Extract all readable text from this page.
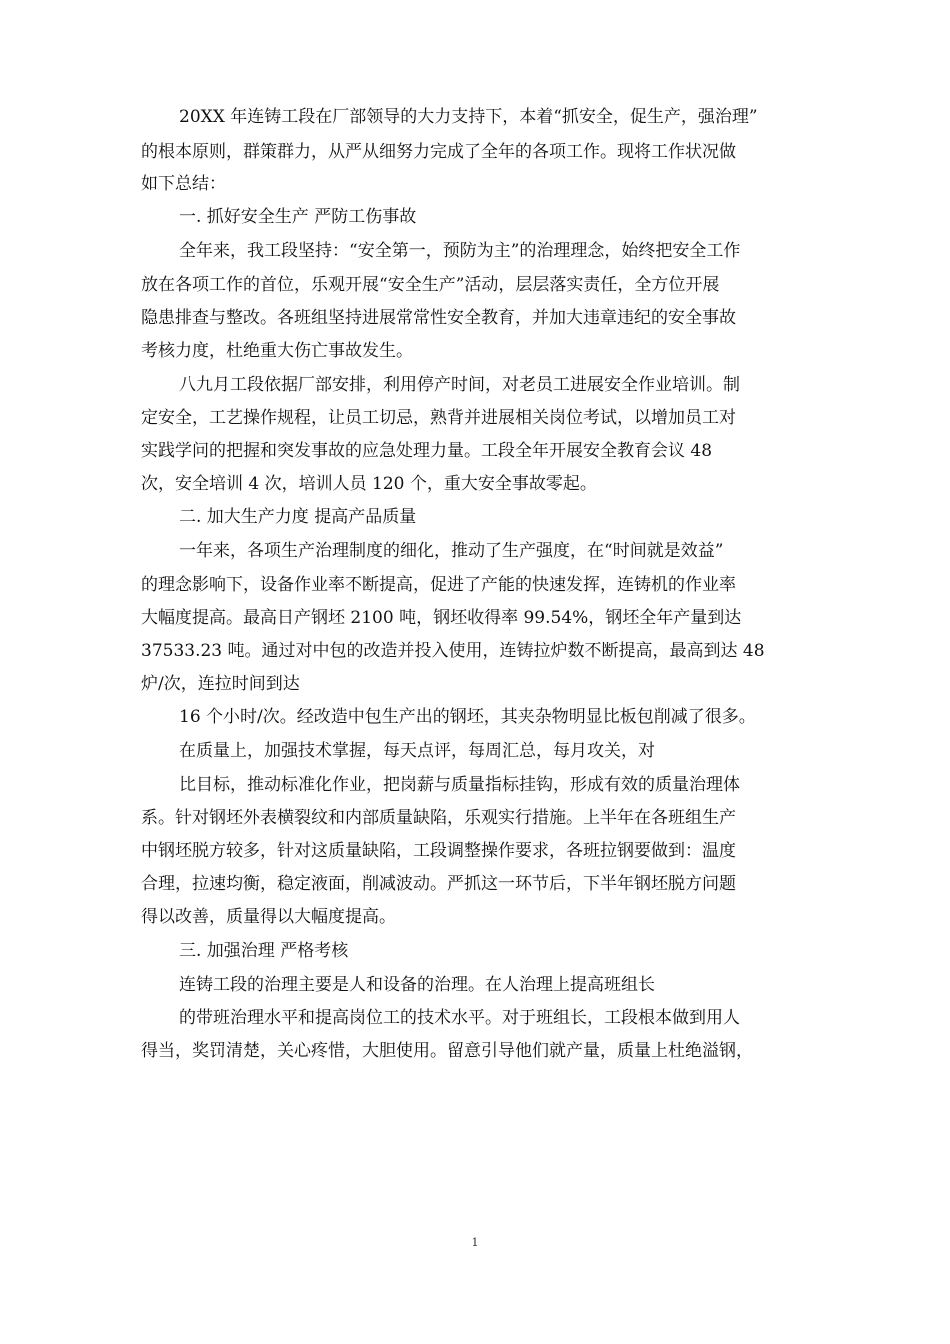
20XX 年连铸工段在厂部领导的大力支持下，本着“抓安全，促生产，强治理”
的根本原则，群策群力，从严从细努力完成了全年的各项工作。现将工作状况做
如下总结：
一. 抓好安全生产 严防工伤事故
全年来，我工段坚持：“安全第一，预防为主”的治理理念，始终把安全工作
放在各项工作的首位，乐观开展“安全生产”活动，层层落实责任，全方位开展
隐患排查与整改。各班组坚持进展常常性安全教育，并加大违章违纪的安全事故
考核力度，杜绝重大伤亡事故发生。
八九月工段依据厂部安排，利用停产时间，对老员工进展安全作业培训。制
定安全，工艺操作规程，让员工切忌，熟背并进展相关岗位考试，以增加员工对
实践学问的把握和突发事故的应急处理力量。工段全年开展安全教育会议 48
次，安全培训 4 次，培训人员 120 个，重大安全事故零起。
二. 加大生产力度 提高产品质量
一年来，各项生产治理制度的细化，推动了生产强度，在“时间就是效益”
的理念影响下，设备作业率不断提高，促进了产能的快速发挥，连铸机的作业率
大幅度提高。最高日产钢坯 2100 吨，钢坯收得率 99.54%，钢坯全年产量到达
37533.23 吨。通过对中包的改造并投入使用，连铸拉炉数不断提高，最高到达 48
炉/次，连拉时间到达
16 个小时/次。经改造中包生产出的钢坯，其夹杂物明显比板包削减了很多。
在质量上，加强技术掌握，每天点评，每周汇总，每月攻关，对
比目标，推动标准化作业，把岗薪与质量指标挂钩，形成有效的质量治理体
系。针对钢坯外表横裂纹和内部质量缺陷，乐观实行措施。上半年在各班组生产
中钢坯脱方较多，针对这质量缺陷，工段调整操作要求，各班拉钢要做到：温度
合理，拉速均衡，稳定液面，削减波动。严抓这一环节后，下半年钢坯脱方问题
得以改善，质量得以大幅度提高。
三. 加强治理 严格考核
连铸工段的治理主要是人和设备的治理。在人治理上提高班组长
的带班治理水平和提高岗位工的技术水平。对于班组长，工段根本做到用人
得当，奖罚清楚，关心疼惜，大胆使用。留意引导他们就产量，质量上杜绝溢钢，
1
